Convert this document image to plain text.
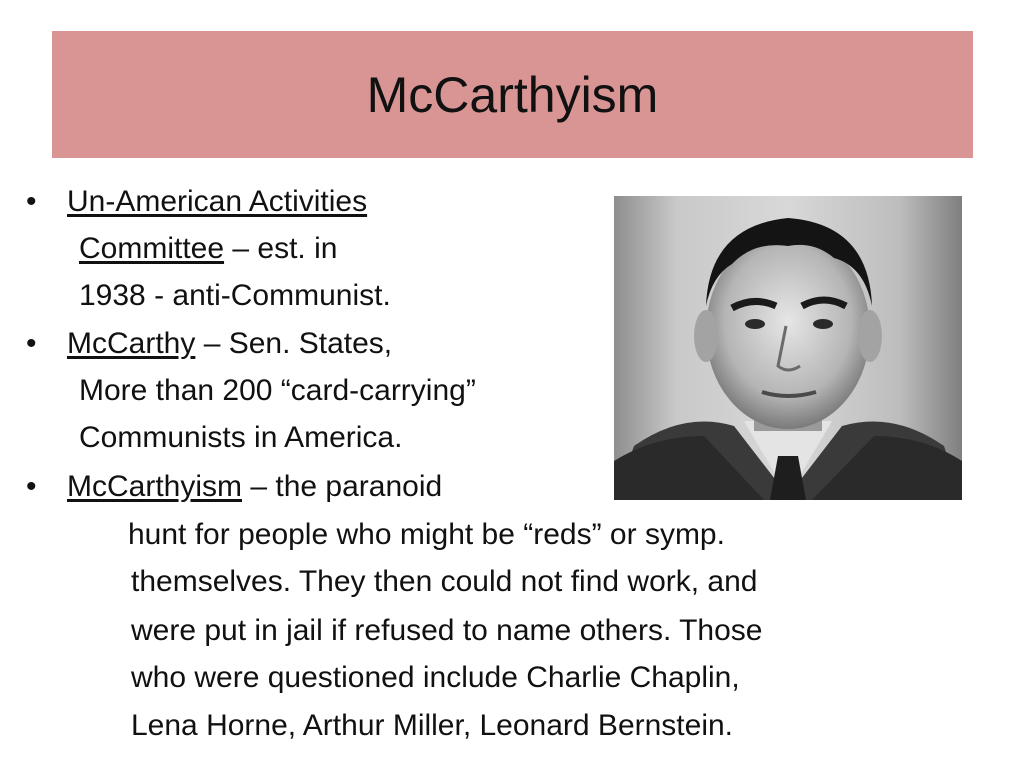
McCarthyism
• Un-American Activities
Committee – est. in
1938 - anti-Communist.
• McCarthy – Sen. States,
More than 200 “card-carrying”
Communists in America.
• McCarthyism – the paranoid
hunt for people who might be “reds” or symp.
themselves. They then could not find work, and
were put in jail if refused to name others. Those
who were questioned include Charlie Chaplin,
Lena Horne, Arthur Miller, Leonard Bernstein.
